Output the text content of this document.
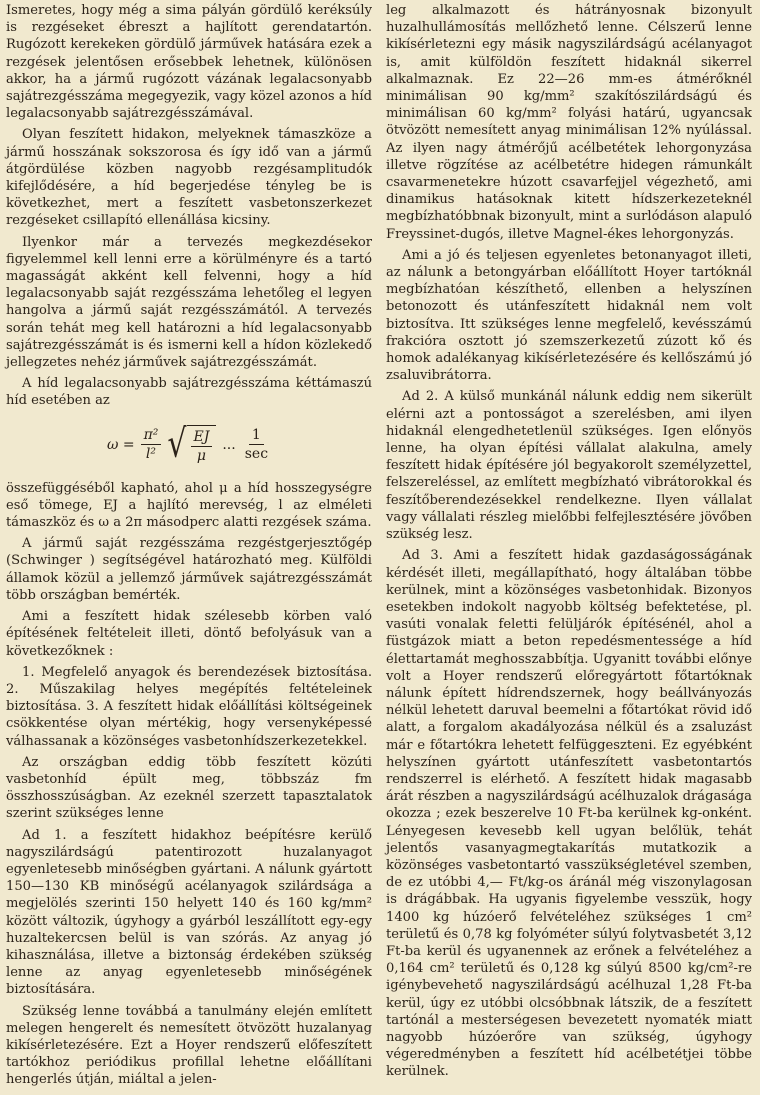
Ismeretes, hogy még a sima pályán gördülő keréksúly is rezgéseket ébreszt a hajlított gerendatartón. Rugózott kerekeken gördülő járművek hatására ezek a rezgések jelentősen erősebbek lehetnek, különösen akkor, ha a jármű rugózott vázának legalacsonyabb sajátrezgésszáma megegyezik, vagy közel azonos a híd legalacsonyabb sajátrezgésszámával.

Olyan feszített hidakon, melyeknek támaszköze a jármű hosszának sokszorosa és így idő van a jármű átgördülése közben nagyobb rezgésamplitudók kifejlődésére, a híd begerjedése tényleg be is következhet, mert a feszített vasbetonszerkezet rezgéseket csillapító ellenállása kicsiny.

Ilyenkor már a tervezés megkezdésekor figyelemmel kell lenni erre a körülményre és a tartó magasságát akként kell felvenni, hogy a híd legalacsonyabb saját rezgésszáma lehetőleg el legyen hangolva a jármű saját rezgésszámától. A tervezés során tehát meg kell határozni a híd legalacsonyabb sajátrezgésszámát is és ismerni kell a hídon közlekedő jellegzetes nehéz járművek sajátrezgésszámát.

A híd legalacsonyabb sajátrezgésszáma kéttámaszú híd esetében az

$\omega = \frac{\text{π²}}{\text{l²}}$ √ $\frac{EJ}{\mu}$ ... $\frac{1}{\sec}$

összefüggéséből kapható, ahol μ a híd hosszegységre eső tömege, EJ a hajlító merevség, l az elméleti támaszköz és ω a 2π másodperc alatti rezgések száma.

A jármű saját rezgésszáma rezgéstgerjesztőgép (Schwinger ) segítségével határozható meg. Külföldi államok közül a jellemző járművek sajátrezgésszámát több országban bemérték.

Ami a feszített hidak szélesebb körben való építésének feltételeit illeti, döntő befolyásuk van a következőknek :

1. Megfelelő anyagok és berendezések biztosítása. 2. Műszakilag helyes megépítés feltételeinek biztosítása. 3. A feszített hidak előállítási költségeinek csökkentése olyan mértékig, hogy versenyképessé válhassanak a közönséges vasbetonhídszerkezetekkel.

Az országban eddig több feszített közúti vasbetonhíd épült meg, többszáz fm összhosszúságban. Az ezeknél szerzett tapasztalatok szerint szükséges lenne

Ad 1. a feszített hidakhoz beépítésre kerülő nagyszilárdságú patentirozott huzalanyagot egyenletesebb minőségben gyártani. A nálunk gyártott 150—130 KB minőségű acélanyagok szilárdsága a megjelölés szerinti 150 helyett 140 és 160 kg/mm² között változik, úgyhogy a gyárból leszállított egy-egy huzaltekercsen belül is van szórás. Az anyag jó kihasználása, illetve a biztonság érdekében szükség lenne az anyag egyenletesebb minőségének biztosítására.

Szükség lenne továbbá a tanulmány elején említett melegen hengerelt és nemesített ötvözött huzalanyag kikísérletezésére. Ezt a Hoyer rendszerű előfeszített tartókhoz periódikus profillal lehetne előállítani hengerlés útján, miáltal a jelen-

leg alkalmazott és hátrányosnak bizonyult huzalhullámosítás mellőzhető lenne. Célszerű lenne kikísérletezni egy másik nagyszilárdságú acélanyagot is, amit külföldön feszített hidaknál sikerrel alkalmaznak. Ez 22—26 mm-es átmérőknél minimálisan 90 kg/mm² szakítószilárdságú és minimálisan 60 kg/mm² folyási határú, ugyancsak ötvözött nemesített anyag minimálisan 12% nyúlással. Az ilyen nagy átmérőjű acélbetétek lehorgonyzása illetve rögzítése az acélbetétre hidegen rámunkált csavarmenetekre húzott csavarfejjel végezhető, ami dinamikus hatásoknak kitett hídszerkezeteknél megbízhatóbbnak bizonyult, mint a surlódáson alapuló Freyssinet-dugós, illetve Magnel-ékes lehorgonyzás.

Ami a jó és teljesen egyenletes betonanyagot illeti, az nálunk a betongyárban előállított Hoyer tartóknál megbízhatóan készíthető, ellenben a helyszínen betonozott és utánfeszített hidaknál nem volt biztosítva. Itt szükséges lenne megfelelő, kevésszámú frakcióra osztott jó szemszerkezetű zúzott kő és homok adalékanyag kikísérletezésére és kellőszámú jó zsaluvibrátorra.

Ad 2. A külső munkánál nálunk eddig nem sikerült elérni azt a pontosságot a szerelésben, ami ilyen hidaknál elengedhetetlenül szükséges. Igen előnyös lenne, ha olyan építési vállalat alakulna, amely feszített hidak építésére jól begyakorolt személyzettel, felszereléssel, az említett megbízható vibrátorokkal és feszítőberendezésekkel rendelkezne. Ilyen vállalat vagy vállalati részleg mielőbbi felfejlesztésére jövőben szükség lesz.

Ad 3. Ami a feszített hidak gazdaságosságának kérdését illeti, megállapítható, hogy általában többe kerülnek, mint a közönséges vasbetonhidak. Bizonyos esetekben indokolt nagyobb költség befektetése, pl. vasúti vonalak feletti felüljárók építésénél, ahol a füstgázok miatt a beton repedésmentessége a híd élettartamát meghosszabbítja. Ugyanitt további előnye volt a Hoyer rendszerű előregyártott főtartóknak nálunk épített hídrendszernek, hogy beállványozás nélkül lehetett daruval beemelni a főtartókat rövid idő alatt, a forgalom akadályozása nélkül és a zsaluzást már e főtartókra lehetett felfüggeszteni. Ez egyébként helyszínen gyártott utánfeszített vasbetontartós rendszerrel is elérhető. A feszített hidak magasabb árát részben a nagyszilárdságú acélhuzalok drágasága okozza ; ezek beszerelve 10 Ft-ba kerülnek kg-onként. Lényegesen kevesebb kell ugyan belőlük, tehát jelentős vasanyagmegtakarítás mutatkozik a közönséges vasbetontartó vasszükségletével szemben, de ez utóbbi 4,— Ft/kg-os áránál még viszonylagosan is drágábbak. Ha ugyanis figyelembe vesszük, hogy 1400 kg húzóerő felvételéhez szükséges 1 cm² területű és 0,78 kg folyóméter súlyú folytvasbetét 3,12 Ft-ba kerül és ugyanennek az erőnek a felvételéhez a 0,164 cm² területű és 0,128 kg súlyú 8500 kg/cm²-re igénybevehető nagyszilárdságú acélhuzal 1,28 Ft-ba kerül, úgy ez utóbbi olcsóbbnak látszik, de a feszített tartónál a mesterségesen bevezetett nyomaték miatt nagyobb húzóerőre van szükség, úgyhogy végeredményben a feszített híd acélbetétjei többe kerülnek.
